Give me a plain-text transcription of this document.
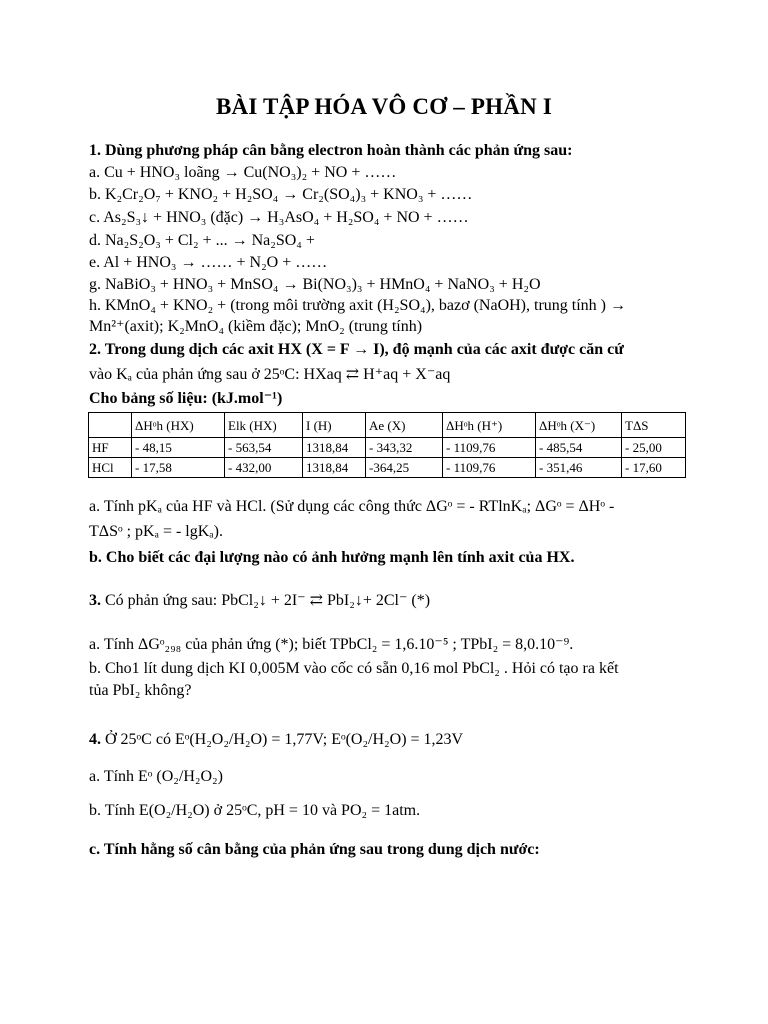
BÀI TẬP HÓA VÔ CƠ – PHẦN I
1. Dùng phương pháp cân bằng electron hoàn thành các phản ứng sau:
a. Cu + HNO₃ loãng → Cu(NO₃)₂ + NO + ……
b. K₂Cr₂O₇ + KNO₂ + H₂SO₄ → Cr₂(SO₄)₃ + KNO₃ + ……
c. As₂S₃↓ + HNO₃ (đặc) → H₃AsO₄ + H₂SO₄ + NO + ……
d. Na₂S₂O₃ + Cl₂ + ... → Na₂SO₄ +
e. Al + HNO₃ → …… + N₂O + ……
g. NaBiO₃ + HNO₃ + MnSO₄ → Bi(NO₃)₃ + HMnO₄ + NaNO₃ + H₂O
h. KMnO₄ + KNO₂ + (trong môi trường axit (H₂SO₄), bazơ (NaOH), trung tính ) →
Mn²⁺(axit); K₂MnO₄ (kiềm đặc); MnO₂ (trung tính)
2. Trong dung dịch các axit HX (X = F → I), độ mạnh của các axit được căn cứ
vào Kₐ của phản ứng sau ở 25ᵒC: HXaq ⇄ H⁺aq + X⁻aq
Cho bảng số liệu: (kJ.mol⁻¹)
	ΔHᵒh (HX)	Elk (HX)	I (H)	Ae (X)	ΔHᵒh (H⁺)	ΔHᵒh (X⁻)	TΔS
HF	- 48,15	- 563,54	1318,84	- 343,32	- 1109,76	- 485,54	- 25,00
HCl	- 17,58	- 432,00	1318,84	-364,25	- 1109,76	- 351,46	- 17,60
a. Tính pKₐ của HF và HCl. (Sử dụng các công thức ΔGᵒ = - RTlnKₐ; ΔGᵒ = ΔHᵒ -
TΔSᵒ ; pKₐ = - lgKₐ).
b. Cho biết các đại lượng nào có ảnh hưởng mạnh lên tính axit của HX.
3. Có phản ứng sau: PbCl₂↓ + 2I⁻ ⇄ PbI₂↓+ 2Cl⁻ (*)
a. Tính ΔGᵒ₂₉₈ của phản ứng (*); biết TPbCl₂ = 1,6.10⁻⁵ ; TPbI₂ = 8,0.10⁻⁹.
b. Cho1 lít dung dịch KI 0,005M vào cốc có sẵn 0,16 mol PbCl₂ . Hỏi có tạo ra kết
tủa PbI₂ không?
4. Ở 25ᵒC có Eᵒ(H₂O₂/H₂O) = 1,77V; Eᵒ(O₂/H₂O) = 1,23V
a. Tính Eᵒ (O₂/H₂O₂)
b. Tính E(O₂/H₂O) ở 25ᵒC, pH = 10 và PO₂ = 1atm.
c. Tính hằng số cân bằng của phản ứng sau trong dung dịch nước:
